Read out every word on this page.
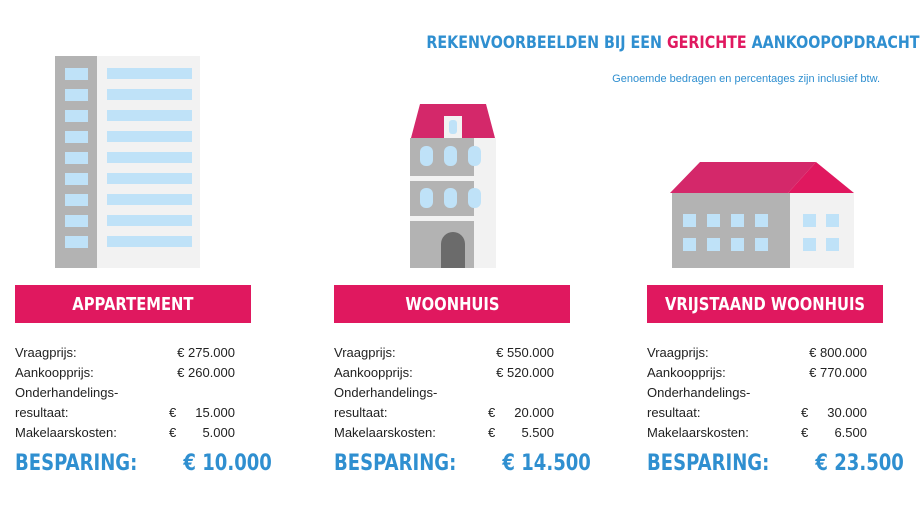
REKENVOORBEELDEN BIJ EEN GERICHTE AANKOOPOPDRACHT
Genoemde bedragen en percentages zijn inclusief btw.
APPARTEMENT
Vraagprijs:	€ 275.000
Aankoopprijs:	€ 260.000
Onderhandelings-
resultaat:	€	15.000
Makelaarskosten:	€	5.000
BESPARING: € 10.000
WOONHUIS
Vraagprijs:	€ 550.000
Aankoopprijs:	€ 520.000
Onderhandelings-
resultaat:	€	20.000
Makelaarskosten:	€	5.500
BESPARING: € 14.500
VRIJSTAAND WOONHUIS
Vraagprijs:	€ 800.000
Aankoopprijs:	€ 770.000
Onderhandelings-
resultaat:	€	30.000
Makelaarskosten:	€	6.500
BESPARING: € 23.500
